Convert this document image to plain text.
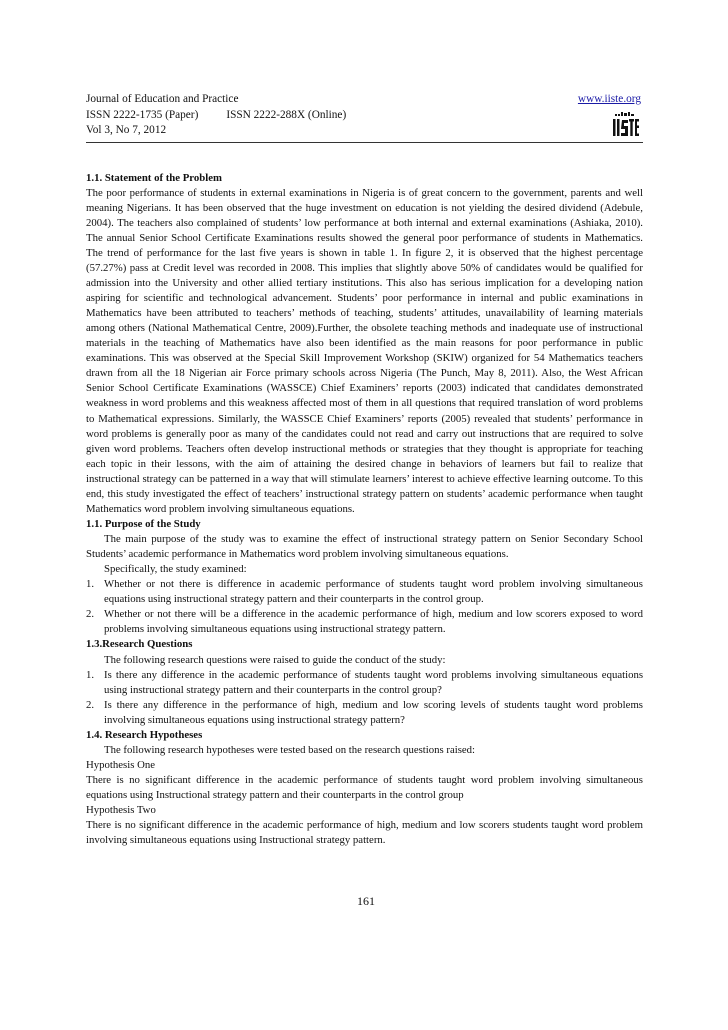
Journal of Education and Practice
ISSN 2222-1735 (Paper) ISSN 2222-288X (Online)
Vol 3, No 7, 2012
www.iiste.org

1.1. Statement of the Problem

The poor performance of students in external examinations in Nigeria is of great concern to the government, parents and well meaning Nigerians. It has been observed that the huge investment on education is not yielding the desired dividend (Adebule, 2004). The teachers also complained of students’ low performance at both internal and external examinations (Ashiaka, 2010). The annual Senior School Certificate Examinations results showed the general poor performance of students in Mathematics. The trend of performance for the last five years is shown in table 1. In figure 2, it is observed that the highest percentage (57.27%) pass at Credit level was recorded in 2008. This implies that slightly above 50% of candidates would be qualified for admission into the University and other allied tertiary institutions. This also has serious implication for a developing nation aspiring for scientific and technological advancement. Students’ poor performance in internal and public examinations in Mathematics have been attributed to teachers’ methods of teaching, students’ attitudes, unavailability of learning materials among others (National Mathematical Centre, 2009).Further, the obsolete teaching methods and inadequate use of instructional materials in the teaching of Mathematics have also been identified as the main reasons for poor performance in public examinations. This was observed at the Special Skill Improvement Workshop (SKIW) organized for 54 Mathematics teachers drawn from all the 18 Nigerian air Force primary schools across Nigeria (The Punch, May 8, 2011). Also, the West African Senior School Certificate Examinations (WASSCE) Chief Examiners’ reports (2003) indicated that candidates demonstrated weakness in word problems and this weakness affected most of them in all questions that required translation of word problems to Mathematical expressions. Similarly, the WASSCE Chief Examiners’ reports (2005) revealed that students’ performance in word problems is generally poor as many of the candidates could not read and carry out instructions that are required to solve given word problems. Teachers often develop instructional methods or strategies that they thought is appropriate for teaching each topic in their lessons, with the aim of attaining the desired change in behaviors of learners but fail to realize that instructional strategy can be patterned in a way that will stimulate learners’ interest to achieve effective learning outcome. To this end, this study investigated the effect of teachers’ instructional strategy pattern on students’ academic performance when taught Mathematics word problem involving simultaneous equations.

1.1. Purpose of the Study

The main purpose of the study was to examine the effect of instructional strategy pattern on Senior Secondary School Students’ academic performance in Mathematics word problem involving simultaneous equations.

Specifically, the study examined:

1. Whether or not there is difference in academic performance of students taught word problem involving simultaneous equations using instructional strategy pattern and their counterparts in the control group.
2. Whether or not there will be a difference in the academic performance of high, medium and low scorers exposed to word problems involving simultaneous equations using instructional strategy pattern.

1.3.Research Questions

The following research questions were raised to guide the conduct of the study:

1. Is there any difference in the academic performance of students taught word problems involving simultaneous equations using instructional strategy pattern and their counterparts in the control group?
2. Is there any difference in the performance of high, medium and low scoring levels of students taught word problems involving simultaneous equations using instructional strategy pattern?

1.4. Research Hypotheses

The following research hypotheses were tested based on the research questions raised:

Hypothesis One

There is no significant difference in the academic performance of students taught word problem involving simultaneous equations using Instructional strategy pattern and their counterparts in the control group

Hypothesis Two

There is no significant difference in the academic performance of high, medium and low scorers students taught word problem involving simultaneous equations using Instructional strategy pattern.

161
